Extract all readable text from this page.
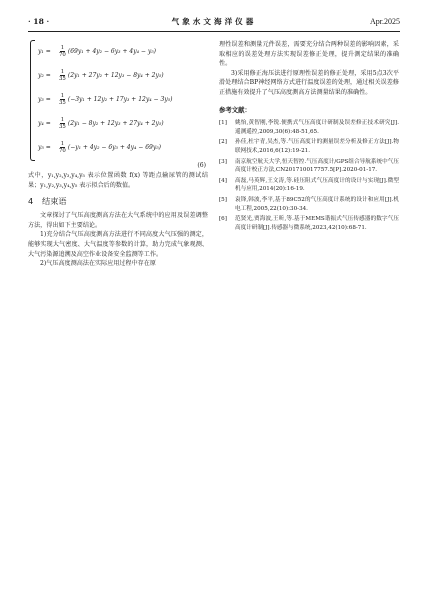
· 18 ·	气象水文海洋仪器	Apr.2025
y₁ =	$\frac{1}{70} (69y_1 + 4y_2 - 6y_3 + 4y_4 - y_5)$
y₂ =	$\frac{1}{35} (2y_1 + 27y_2 + 12y_3 - 8y_4 + 2y_5)$
y₃ =	$\frac{1}{35} (-3y_1 + 12y_2 + 17y_3 + 12y_4 - 3y_5)$
y₄ =	$\frac{1}{35} (2y_1 - 8y_2 + 12y_3 + 27y_4 + 2y_5)$
y₅ =	$\frac{1}{70} (-y_1 + 4y_2 - 6y_3 + 4y_4 - 69y_5)$
(6)

式中，y₁,y₂,y₃,y₄,y₅ 表示位置函数 f(x) 等距点输尿管的测试结果；y₁,y₂,y₃,y₄,y₅ 表示拟合后的数值。

4 结束语

文章探讨了气压高度测高方法在大气系统中的应用及误差调整方法，得出如下主要结论。

1)充分结合气压高度测高方法进行不同高度大气压强的测定，能够实现大气密度、大气温度等参数的计算，助力完成气象观测、大气污染源追溯及高空作业设备安全监测等工作。

2)气压高度测高法在实际应用过程中存在原

理性误差和测量元件误差，需要充分结合两种误差的影响因素，采取相应的误差处理方法实现误差修正处理，提升测定结果的准确性。

3)采用修正海压法进行原理性误差的修正处理，采用5点3次平滑处理结合BP神经网络方式进行温度误差的处理，通过相关误差修正措施有效提升了气压高度测高方法测量结果的准确性。

参考文献：
[1]	姚怡,黄智刚,李锐.便携式气压高度计研制及误差修正技术研究[J].遥测遥控,2009,30(6):48-51,65.
[2]	孙佳,杜宇青,吴杰,等.气压高度计的测量误差分析及修正方法[J].物联网技术,2016,6(12):19-21.
[3]	南京航空航天大学,恒天智控.气压高度计/GPS组合导航系统中气压高度计校正方法,CN201710017757.5[P].2020-01-17.
[4]	高磊,马英辉,王文涛,等.硅压阻式气压高度计的设计与实现[J].微型机与应用,2014(20):16-19.
[5]	袁锋,韩波,李平,基于89C52的气压高度计系统的设计和应用[J].机电工程,2005,22(10):30-34.
[6]	范贤光,贾海波,王昕,等.基于MEMS谐振式气压传感器的数字气压高度计研制[J].传感器与微系统,2023,42(10):68-71.
